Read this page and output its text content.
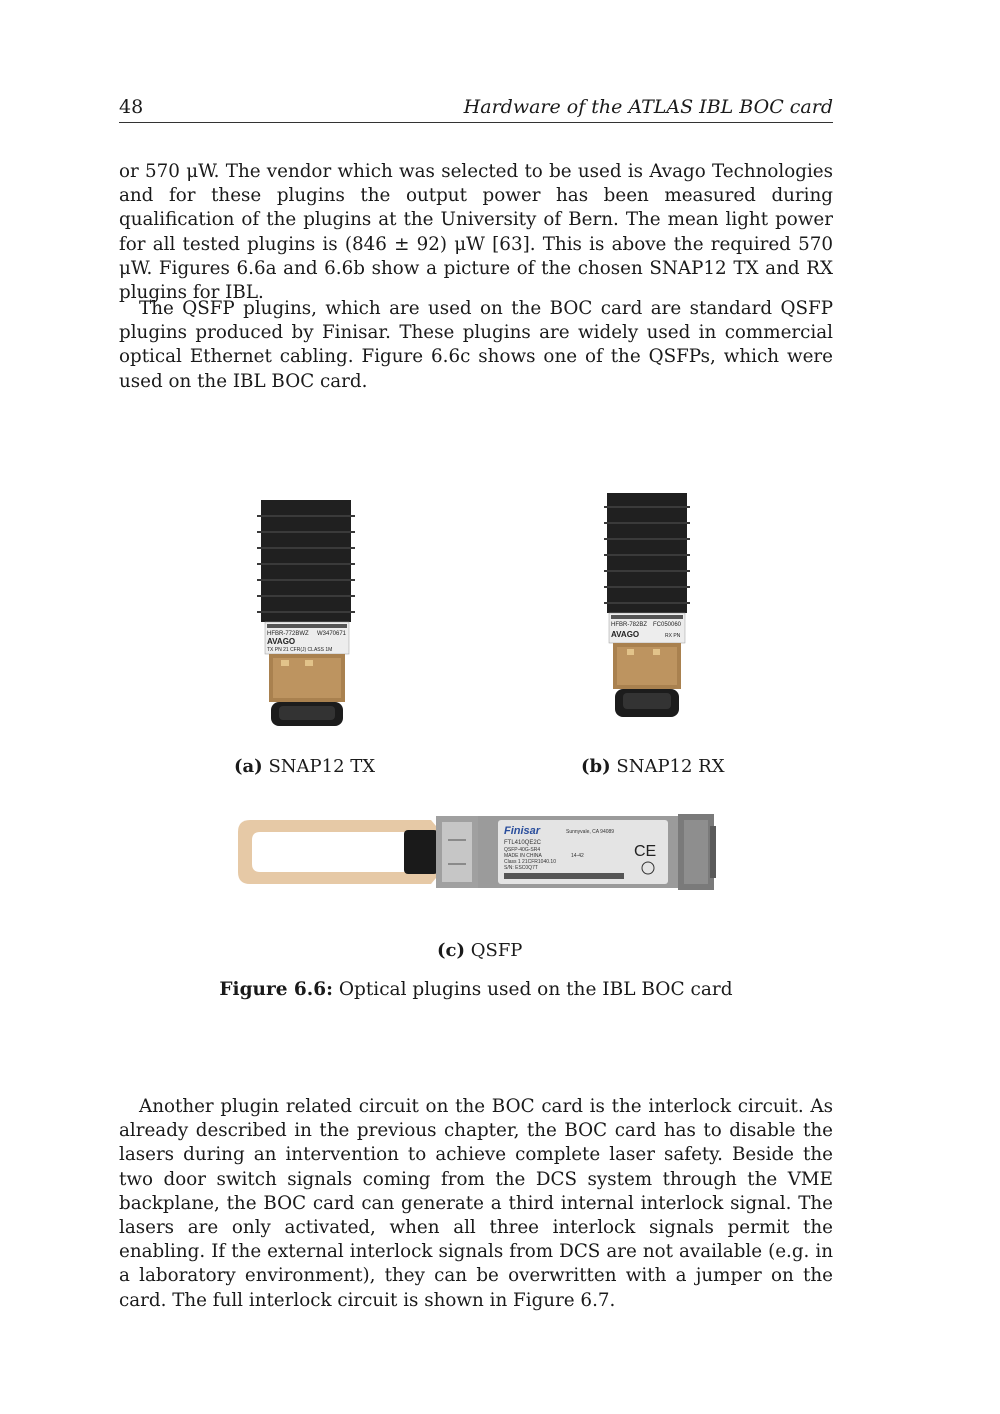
48	Hardware of the ATLAS IBL BOC card

or 570 μW. The vendor which was selected to be used is Avago Technologies and for these plugins the output power has been measured during qualification of the plugins at the University of Bern. The mean light power for all tested plugins is (846 ± 92) μW [63]. This is above the required 570 μW. Figures 6.6a and 6.6b show a picture of the chosen SNAP12 TX and RX plugins for IBL.

The QSFP plugins, which are used on the BOC card are standard QSFP plugins produced by Finisar. These plugins are widely used in commercial optical Ethernet cabling. Figure 6.6c shows one of the QSFPs, which were used on the IBL BOC card.

HFBR-772BWZ W3470671
AVAGO
TX PN 21 CFR(J) CLASS 1M
HFBR-782BZ FC050060
AVAGO	RX PN
(a) SNAP12 TX	(b) SNAP12 RX
Sunnyvale, CA 94089
Finisar
FTL410QE2C
QSFP-40G-SR4
MADE IN CHINA	14-42
Class 1 21CFR1040.10
S/N: ESC0Q7T
CE
(c) QSFP
Figure 6.6: Optical plugins used on the IBL BOC card

Another plugin related circuit on the BOC card is the interlock circuit. As already described in the previous chapter, the BOC card has to disable the lasers during an intervention to achieve complete laser safety. Beside the two door switch signals coming from the DCS system through the VME backplane, the BOC card can generate a third internal interlock signal. The lasers are only activated, when all three interlock signals permit the enabling. If the external interlock signals from DCS are not available (e.g. in a laboratory environment), they can be overwritten with a jumper on the card. The full interlock circuit is shown in Figure 6.7.
